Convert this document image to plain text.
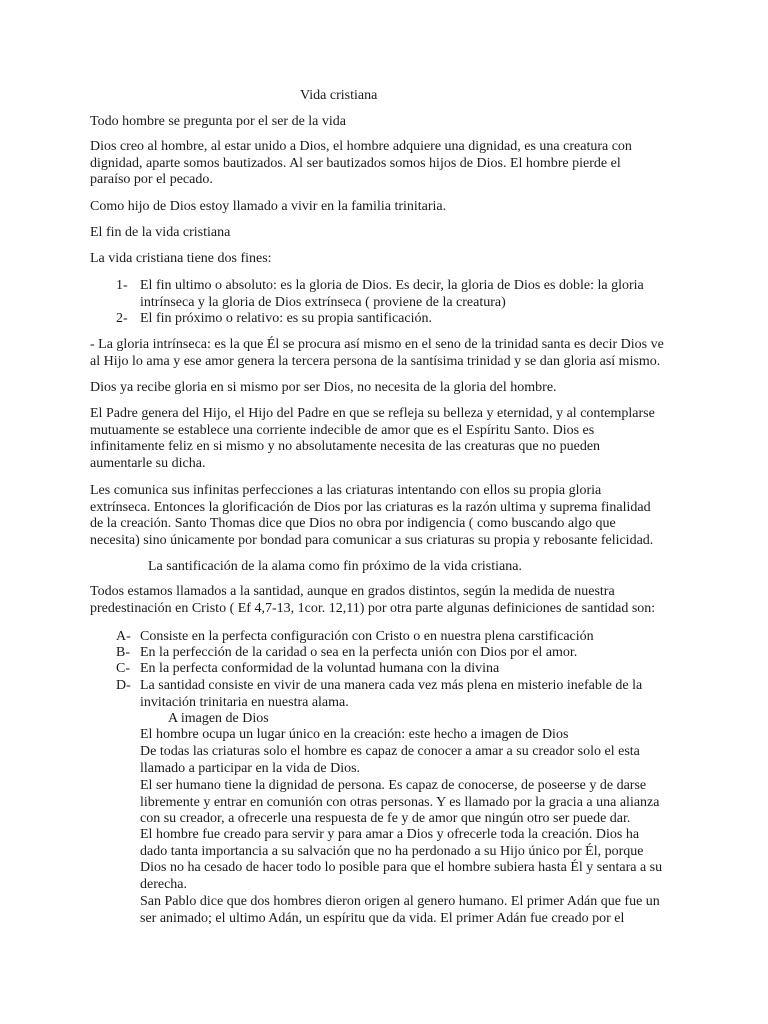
Vida cristiana

Todo hombre se pregunta por el ser de la vida

Dios creo al hombre, al estar unido a Dios, el hombre adquiere una dignidad, es una creatura con
dignidad, aparte somos bautizados. Al ser bautizados somos hijos de Dios. El hombre pierde el
paraíso por el pecado.

Como hijo de Dios estoy llamado a vivir en la familia trinitaria.

El fin de la vida cristiana

La vida cristiana tiene dos fines:

1- El fin ultimo o absoluto: es la gloria de Dios. Es decir, la gloria de Dios es doble: la gloria
intrínseca y la gloria de Dios extrínseca ( proviene de la creatura)

2- El fin próximo o relativo: es su propia santificación.

- La gloria intrínseca: es la que Él se procura así mismo en el seno de la trinidad santa es decir Dios ve
al Hijo lo ama y ese amor genera la tercera persona de la santísima trinidad y se dan gloria así mismo.

Dios ya recibe gloria en si mismo por ser Dios, no necesita de la gloria del hombre.

El Padre genera del Hijo, el Hijo del Padre en que se refleja su belleza y eternidad, y al contemplarse
mutuamente se establece una corriente indecible de amor que es el Espíritu Santo. Dios es
infinitamente feliz en si mismo y no absolutamente necesita de las creaturas que no pueden
aumentarle su dicha.

Les comunica sus infinitas perfecciones a las criaturas intentando con ellos su propia gloria
extrínseca. Entonces la glorificación de Dios por las criaturas es la razón ultima y suprema finalidad
de la creación. Santo Thomas dice que Dios no obra por indigencia ( como buscando algo que
necesita) sino únicamente por bondad para comunicar a sus criaturas su propia y rebosante felicidad.

La santificación de la alama como fin próximo de la vida cristiana.

Todos estamos llamados a la santidad, aunque en grados distintos, según la medida de nuestra
predestinación en Cristo ( Ef 4,7-13, 1cor. 12,11) por otra parte algunas definiciones de santidad son:

A- Consiste en la perfecta configuración con Cristo o en nuestra plena carstificación

B- En la perfección de la caridad o sea en la perfecta unión con Dios por el amor.

C- En la perfecta conformidad de la voluntad humana con la divina

D- La santidad consiste en vivir de una manera cada vez más plena en misterio inefable de la
invitación trinitaria en nuestra alama.

A imagen de Dios

El hombre ocupa un lugar único en la creación: este hecho a imagen de Dios

De todas las criaturas solo el hombre es capaz de conocer a amar a su creador solo el esta
llamado a participar en la vida de Dios.

El ser humano tiene la dignidad de persona. Es capaz de conocerse, de poseerse y de darse
libremente y entrar en comunión con otras personas. Y es llamado por la gracia a una alianza
con su creador, a ofrecerle una respuesta de fe y de amor que ningún otro ser puede dar.

El hombre fue creado para servir y para amar a Dios y ofrecerle toda la creación. Dios ha
dado tanta importancia a su salvación que no ha perdonado a su Hijo único por Él, porque
Dios no ha cesado de hacer todo lo posible para que el hombre subiera hasta Él y sentara a su
derecha.

San Pablo dice que dos hombres dieron origen al genero humano. El primer Adán que fue un
ser animado; el ultimo Adán, un espíritu que da vida. El primer Adán fue creado por el
